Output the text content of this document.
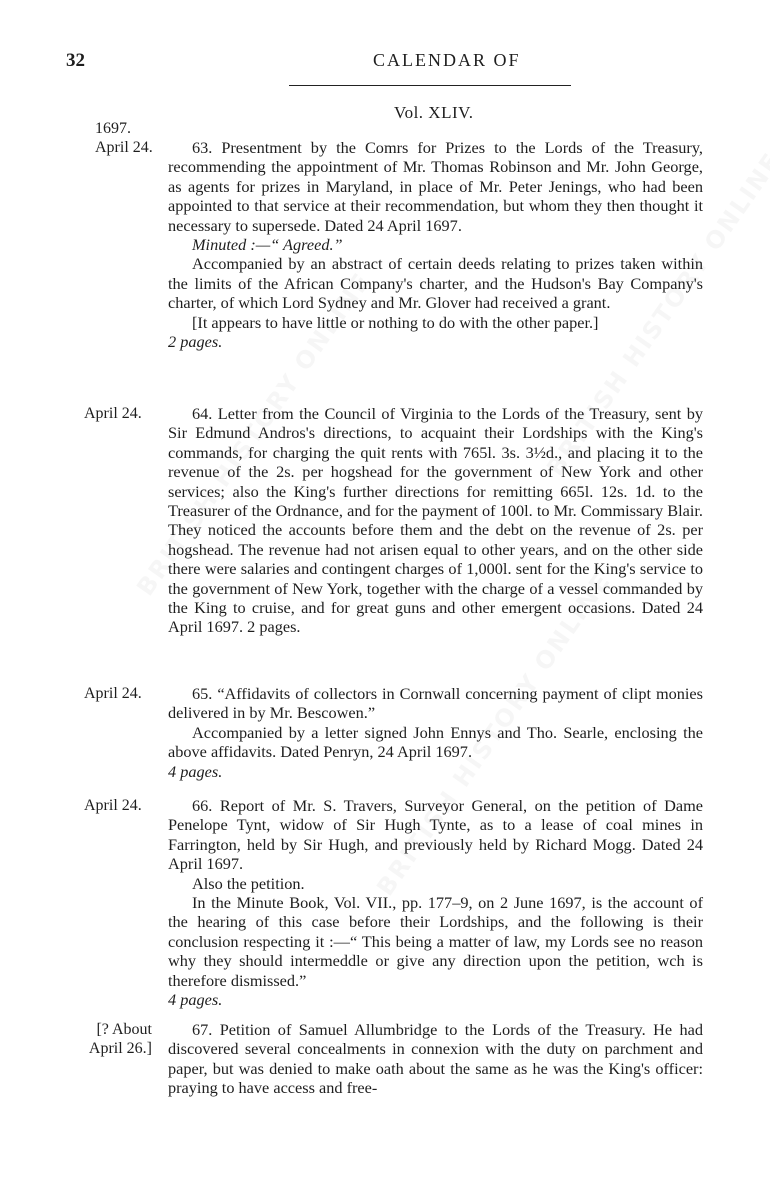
32	CALENDAR OF
Vol. XLIV.
1697.
April 24.	63. Presentment by the Comrs for Prizes to the Lords of the Treasury, recommending the appointment of Mr. Thomas Robinson and Mr. John George, as agents for prizes in Maryland, in place of Mr. Peter Jenings, who had been appointed to that service at their recommendation, but whom they then thought it necessary to supersede. Dated 24 April 1697.

Minuted :—“ Agreed.”

Accompanied by an abstract of certain deeds relating to prizes taken within the limits of the African Company's charter, and the Hudson's Bay Company's charter, of which Lord Sydney and Mr. Glover had received a grant.

[It appears to have little or nothing to do with the other paper.]

2 pages.

April 24.	64. Letter from the Council of Virginia to the Lords of the Treasury, sent by Sir Edmund Andros's directions, to acquaint their Lordships with the King's commands, for charging the quit rents with 765l. 3s. 3½d., and placing it to the revenue of the 2s. per hogshead for the government of New York and other services; also the King's further directions for remitting 665l. 12s. 1d. to the Treasurer of the Ordnance, and for the payment of 100l. to Mr. Commissary Blair. They noticed the accounts before them and the debt on the revenue of 2s. per hogshead. The revenue had not arisen equal to other years, and on the other side there were salaries and contingent charges of 1,000l. sent for the King's service to the government of New York, together with the charge of a vessel commanded by the King to cruise, and for great guns and other emergent occasions. Dated 24 April 1697. 2 pages.

April 24.	65. “Affidavits of collectors in Cornwall concerning payment of clipt monies delivered in by Mr. Bescowen.”

Accompanied by a letter signed John Ennys and Tho. Searle, enclosing the above affidavits. Dated Penryn, 24 April 1697.

4 pages.

April 24.	66. Report of Mr. S. Travers, Surveyor General, on the petition of Dame Penelope Tynt, widow of Sir Hugh Tynte, as to a lease of coal mines in Farrington, held by Sir Hugh, and previously held by Richard Mogg. Dated 24 April 1697.

Also the petition.

In the Minute Book, Vol. VII., pp. 177–9, on 2 June 1697, is the account of the hearing of this case before their Lordships, and the following is their conclusion respecting it :—“ This being a matter of law, my Lords see no reason why they should intermeddle or give any direction upon the petition, wch is therefore dismissed.”

4 pages.

[? About
April 26.]

67. Petition of Samuel Allumbridge to the Lords of the Treasury. He had discovered several concealments in connexion with the duty on parchment and paper, but was denied to make oath about the same as he was the King's officer: praying to have access and free-
